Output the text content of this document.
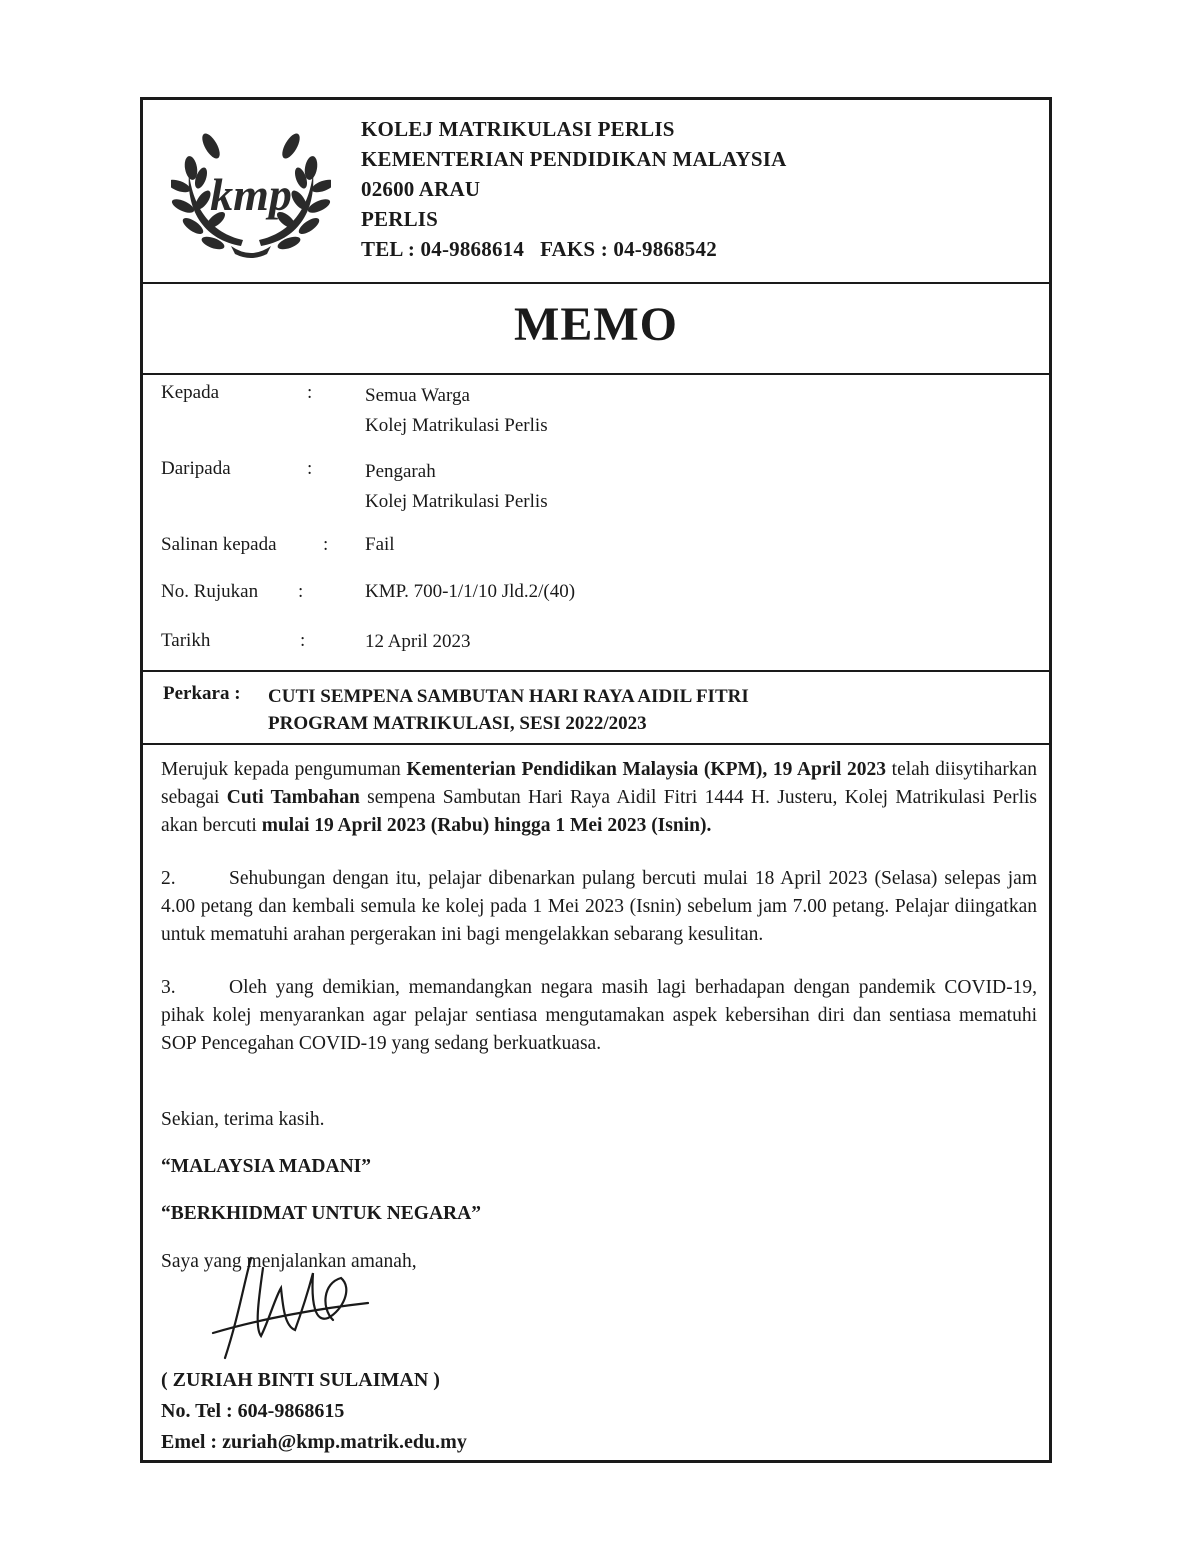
kmp
KOLEJ MATRIKULASI PERLIS
KEMENTERIAN PENDIDIKAN MALAYSIA
02600 ARAU
PERLIS
TEL : 04-9868614 FAKS : 04-9868542
MEMO
Kepada	:	Semua Warga
Kolej Matrikulasi Perlis
Daripada	:	Pengarah
Kolej Matrikulasi Perlis
Salinan kepada : Fail
No. Rujukan :	KMP. 700-1/1/10 Jld.2/(40)
Tarikh	:	12 April 2023
Perkara : CUTI SEMPENA SAMBUTAN HARI RAYA AIDIL FITRI
PROGRAM MATRIKULASI, SESI 2022/2023

Merujuk kepada pengumuman Kementerian Pendidikan Malaysia (KPM), 19 April 2023 telah diisytiharkan sebagai Cuti Tambahan sempena Sambutan Hari Raya Aidil Fitri 1444 H. Justeru, Kolej Matrikulasi Perlis akan bercuti mulai 19 April 2023 (Rabu) hingga 1 Mei 2023 (Isnin).

2.	Sehubungan dengan itu, pelajar dibenarkan pulang bercuti mulai 18 April 2023 (Selasa) selepas jam 4.00 petang dan kembali semula ke kolej pada 1 Mei 2023 (Isnin) sebelum jam 7.00 petang. Pelajar diingatkan untuk mematuhi arahan pergerakan ini bagi mengelakkan sebarang kesulitan.

3.	Oleh yang demikian, memandangkan negara masih lagi berhadapan dengan pandemik COVID-19, pihak kolej menyarankan agar pelajar sentiasa mengutamakan aspek kebersihan diri dan sentiasa mematuhi SOP Pencegahan COVID-19 yang sedang berkuatkuasa.

Sekian, terima kasih.
“MALAYSIA MADANI”
“BERKHIDMAT UNTUK NEGARA”
Saya yang menjalankan amanah,
( ZURIAH BINTI SULAIMAN )
No. Tel : 604-9868615
Emel : zuriah@kmp.matrik.edu.my
